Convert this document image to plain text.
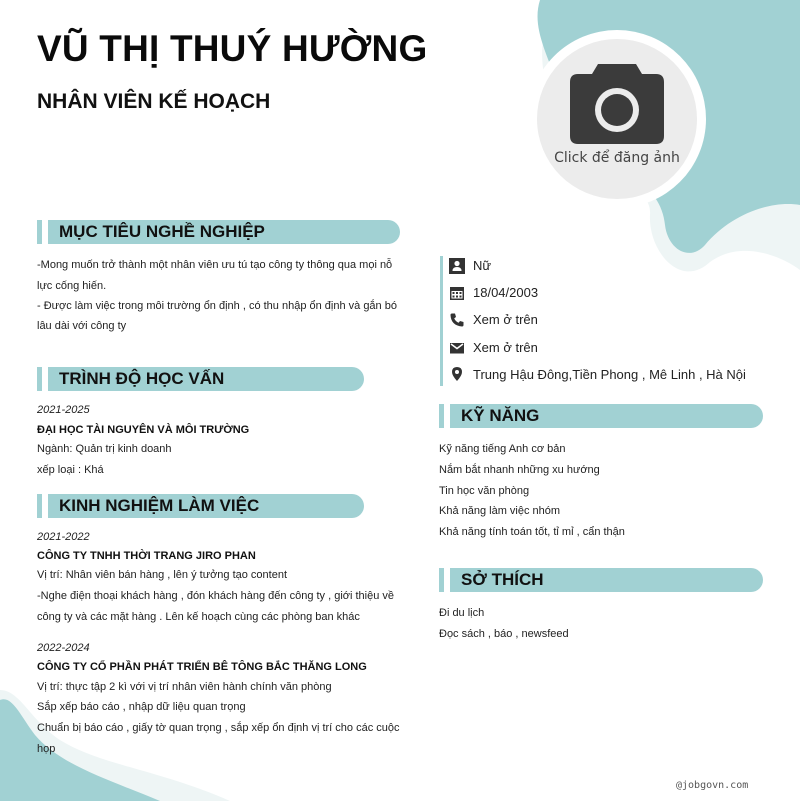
VŨ THỊ THUÝ HƯỜNG
NHÂN VIÊN KẾ HOẠCH
Click để đăng ảnh
MỤC TIÊU NGHỀ NGHIỆP
-Mong muốn trở thành một nhân viên ưu tú tạo công ty thông qua mọi nỗ
lực cống hiến.
- Được làm việc trong môi trường ổn định , có thu nhập ổn định và gắn bó
lâu dài với công ty
TRÌNH ĐỘ HỌC VẤN
2021-2025
ĐẠI HỌC TÀI NGUYÊN VÀ MÔI TRƯỜNG
Ngành: Quản trị kinh doanh
xếp loại : Khá
KINH NGHIỆM LÀM VIỆC
2021-2022
CÔNG TY TNHH THỜI TRANG JIRO PHAN
Vị trí: Nhân viên bán hàng , lên ý tưởng tạo content
-Nghe điện thoại khách hàng , đón khách hàng đến công ty , giới thiệu về
công ty và các mặt hàng . Lên kế hoạch cùng các phòng ban khác
2022-2024
CÔNG TY CỔ PHẦN PHÁT TRIỂN BÊ TÔNG BẮC THĂNG LONG
Vị trí: thực tập 2 kì với vị trí nhân viên hành chính văn phòng
Sắp xếp báo cáo , nhập dữ liệu quan trọng
Chuẩn bị báo cáo , giấy tờ quan trọng , sắp xếp ổn định vị trí cho các cuộc
họp
Nữ
18/04/2003
Xem ở trên
Xem ở trên
Trung Hậu Đông,Tiền Phong , Mê Linh , Hà Nội
KỸ NĂNG
Kỹ năng tiếng Anh cơ bản
Nắm bắt nhanh những xu hướng
Tin học văn phòng
Khả năng làm việc nhóm
Khả năng tính toán tốt, tỉ mỉ , cẩn thận
SỞ THÍCH
Đi du lịch
Đọc sách , báo , newsfeed
@jobgovn.com
